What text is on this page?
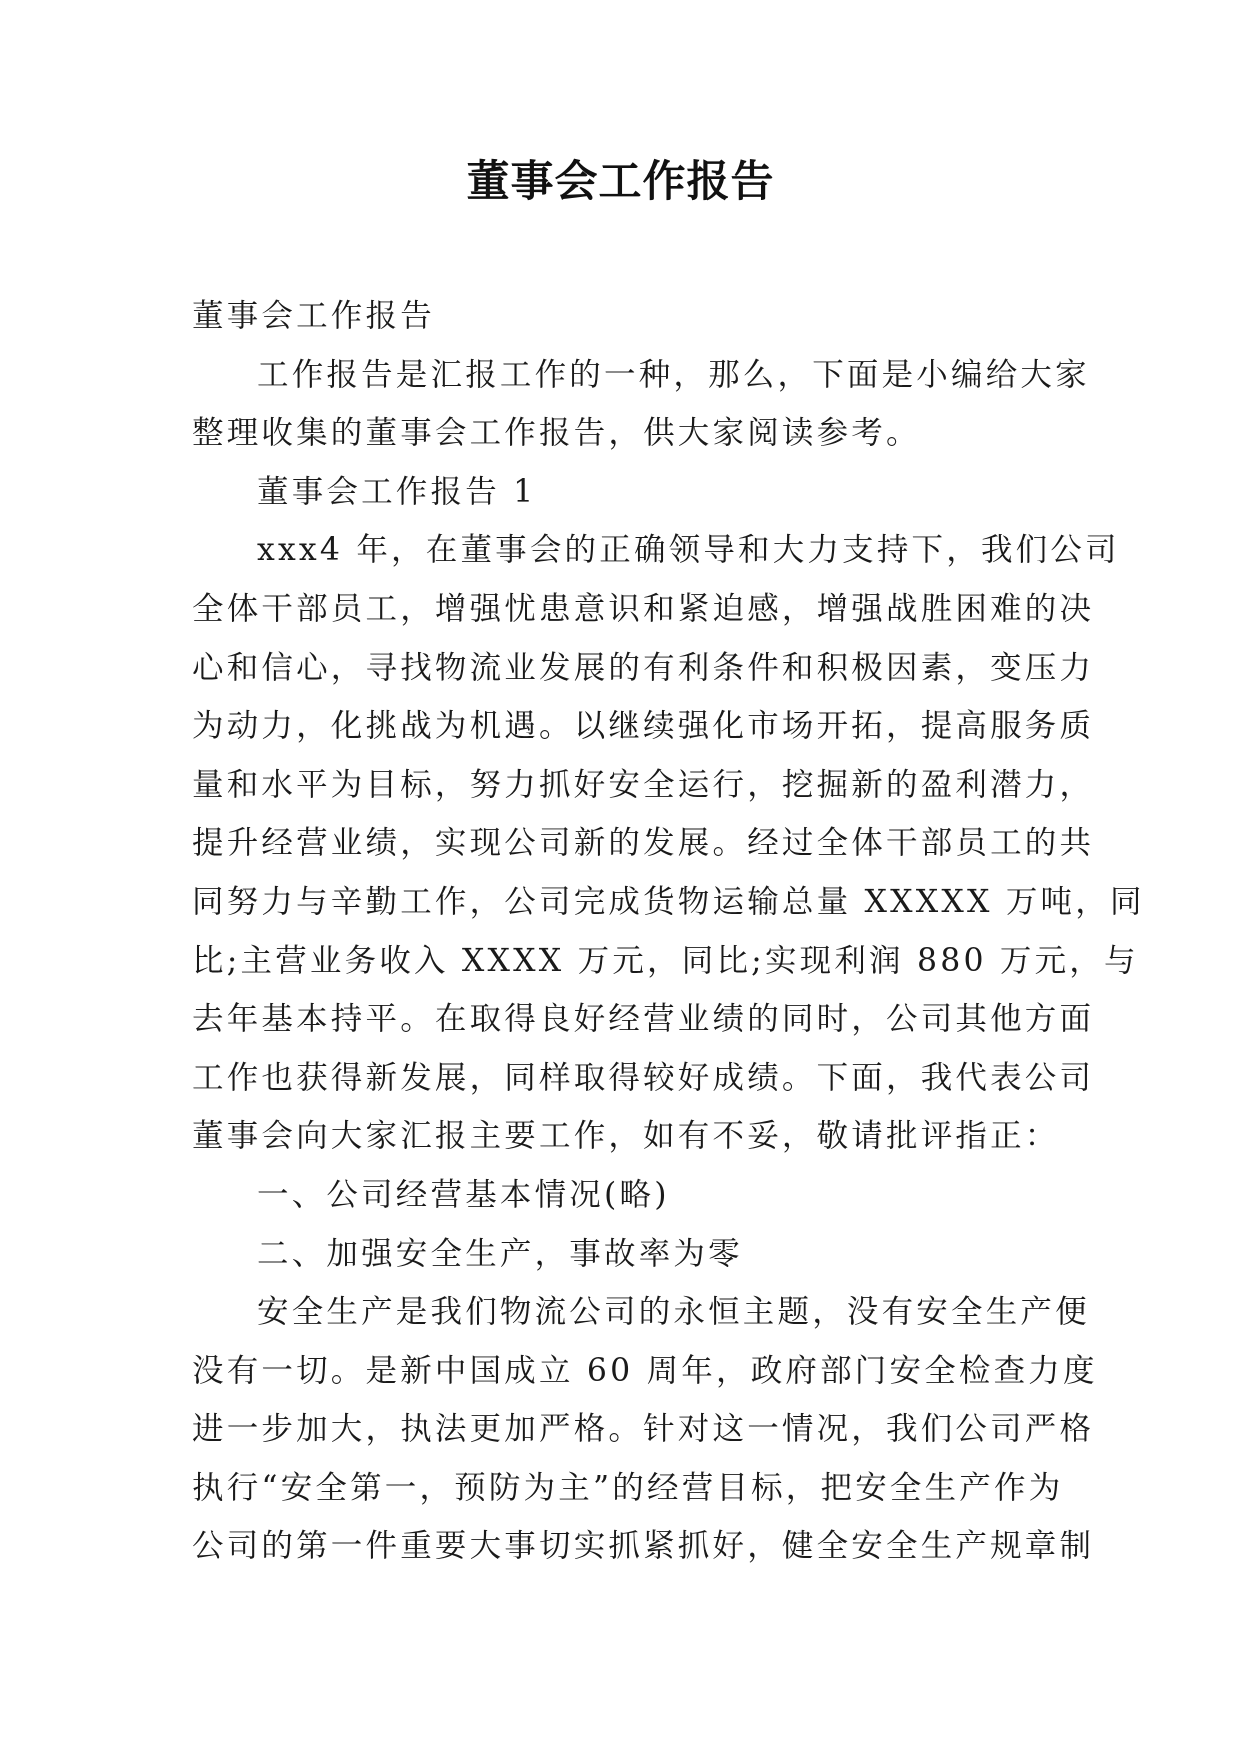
董事会工作报告
董事会工作报告
工作报告是汇报工作的一种，那么，下面是小编给大家
整理收集的董事会工作报告，供大家阅读参考。
董事会工作报告 1
xxx4 年，在董事会的正确领导和大力支持下，我们公司
全体干部员工，增强忧患意识和紧迫感，增强战胜困难的决
心和信心，寻找物流业发展的有利条件和积极因素，变压力
为动力，化挑战为机遇。以继续强化市场开拓，提高服务质
量和水平为目标，努力抓好安全运行，挖掘新的盈利潜力，
提升经营业绩，实现公司新的发展。经过全体干部员工的共
同努力与辛勤工作，公司完成货物运输总量 XXXXX 万吨，同
比;主营业务收入 XXXX 万元，同比;实现利润 880 万元，与
去年基本持平。在取得良好经营业绩的同时，公司其他方面
工作也获得新发展，同样取得较好成绩。下面，我代表公司
董事会向大家汇报主要工作，如有不妥，敬请批评指正：
一、公司经营基本情况(略)
二、加强安全生产，事故率为零
安全生产是我们物流公司的永恒主题，没有安全生产便
没有一切。是新中国成立 60 周年，政府部门安全检查力度
进一步加大，执法更加严格。针对这一情况，我们公司严格
执行“安全第一，预防为主”的经营目标，把安全生产作为
公司的第一件重要大事切实抓紧抓好，健全安全生产规章制
